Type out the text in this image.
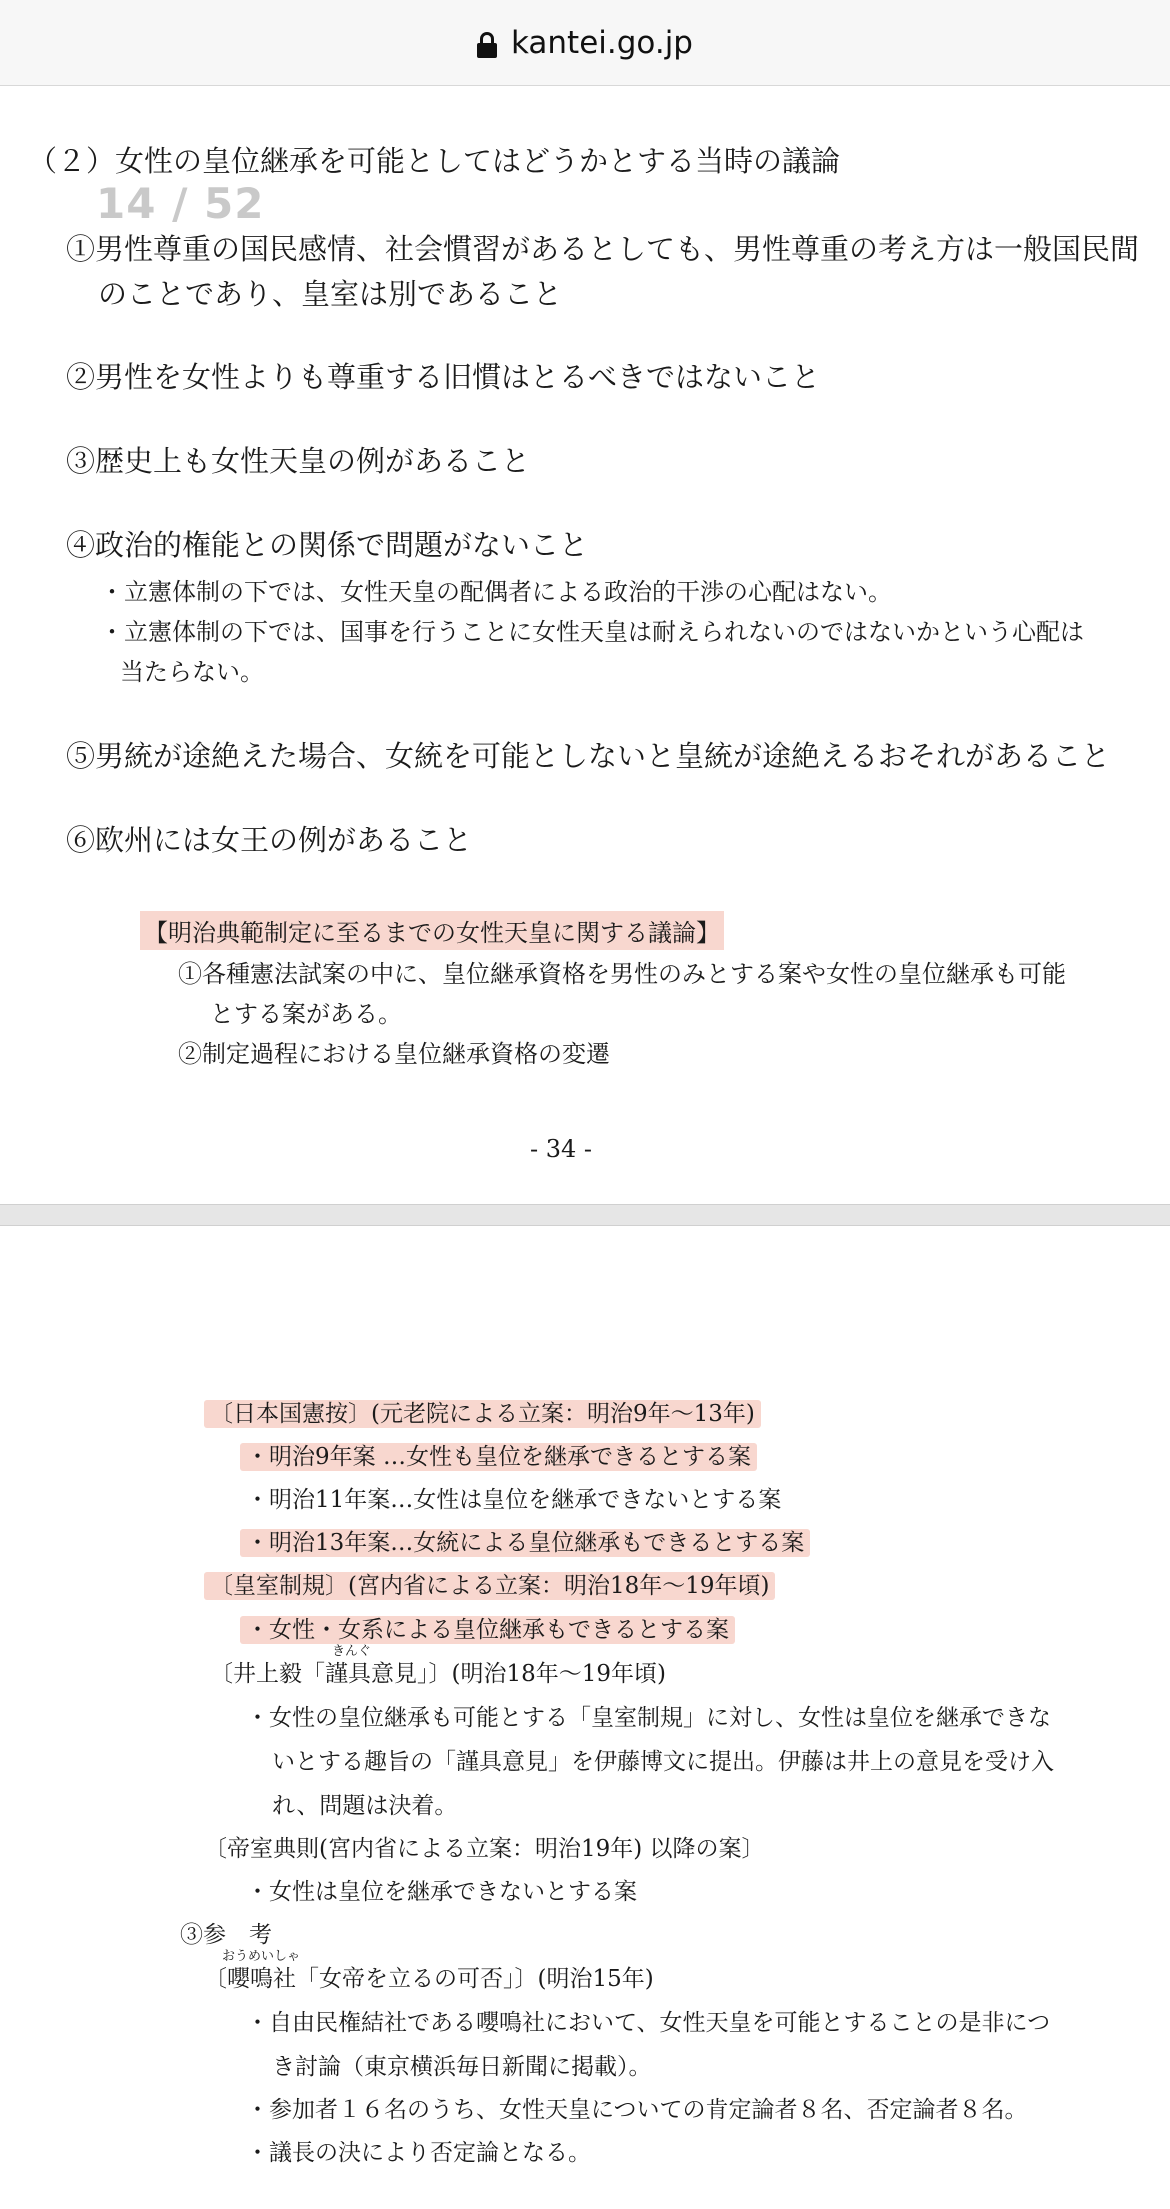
kantei.go.jp
（２）女性の皇位継承を可能としてはどうかとする当時の議論
14 / 52
①男性尊重の国民感情、社会慣習があるとしても、男性尊重の考え方は一般国民間
のことであり、皇室は別であること
②男性を女性よりも尊重する旧慣はとるべきではないこと
③歴史上も女性天皇の例があること
④政治的権能との関係で問題がないこと
・立憲体制の下では、女性天皇の配偶者による政治的干渉の心配はない。
・立憲体制の下では、国事を行うことに女性天皇は耐えられないのではないかという心配は
当たらない。
⑤男統が途絶えた場合、女統を可能としないと皇統が途絶えるおそれがあること
⑥欧州には女王の例があること
【明治典範制定に至るまでの女性天皇に関する議論】
①各種憲法試案の中に、皇位継承資格を男性のみとする案や女性の皇位継承も可能
とする案がある。
②制定過程における皇位継承資格の変遷
- 34 -
〔日本国憲按〕(元老院による立案：明治9年～13年)
・明治9年案 …女性も皇位を継承できるとする案
・明治11年案…女性は皇位を継承できないとする案
・明治13年案…女統による皇位継承もできるとする案
〔皇室制規〕(宮内省による立案：明治18年～19年頃)
・女性・女系による皇位継承もできるとする案
きんぐ
〔井上毅「謹具意見」〕(明治18年～19年頃)
・女性の皇位継承も可能とする「皇室制規」に対し、女性は皇位を継承できな
いとする趣旨の「謹具意見」を伊藤博文に提出。伊藤は井上の意見を受け入
れ、問題は決着。
〔帝室典則(宮内省による立案：明治19年) 以降の案〕
・女性は皇位を継承できないとする案
③参　考
おうめいしゃ
〔嚶鳴社「女帝を立るの可否」〕(明治15年)
・自由民権結社である嚶鳴社において、女性天皇を可能とすることの是非につ
き討論（東京横浜毎日新聞に掲載）。
・参加者１６名のうち、女性天皇についての肯定論者８名、否定論者８名。
・議長の決により否定論となる。
